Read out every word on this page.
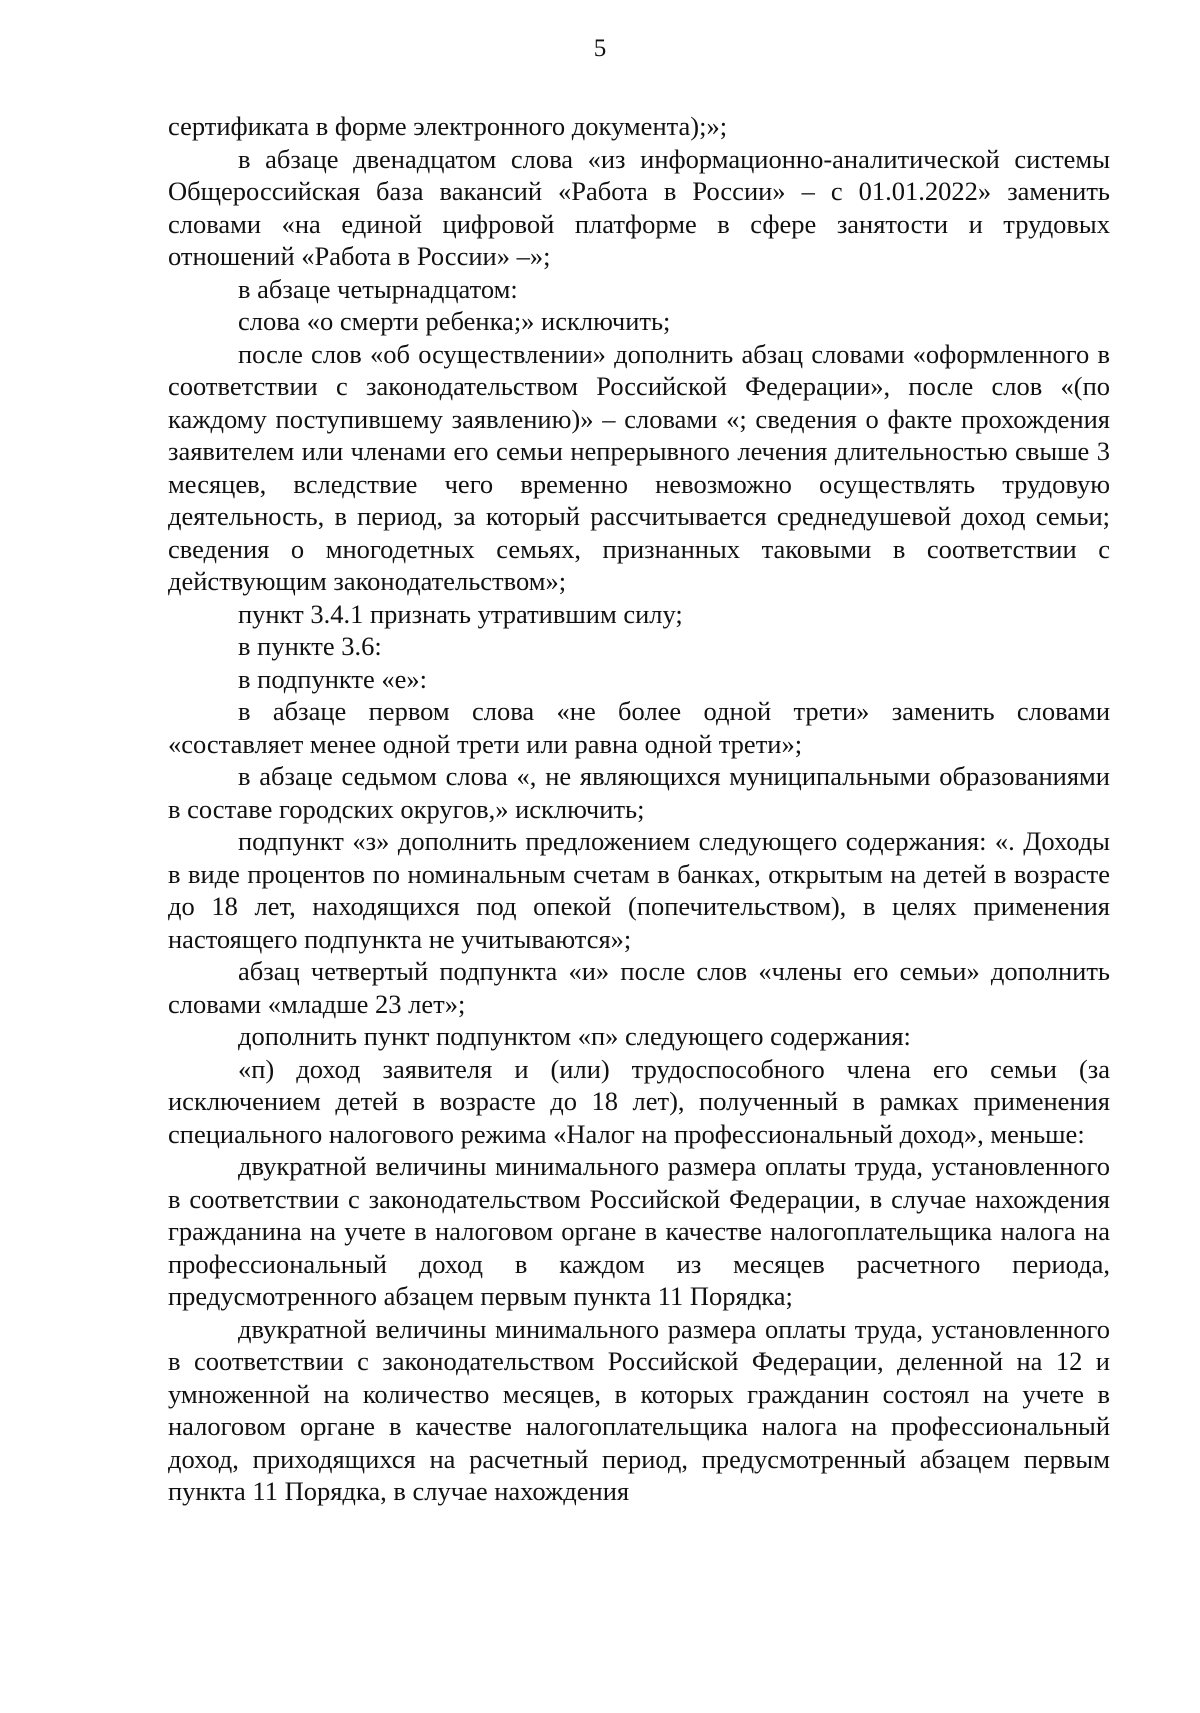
5

сертификата в форме электронного документа);»;

в абзаце двенадцатом слова «из информационно-аналитической системы Общероссийская база вакансий «Работа в России» – с 01.01.2022» заменить словами «на единой цифровой платформе в сфере занятости и трудовых отношений «Работа в России» –»;

в абзаце четырнадцатом:

слова «о смерти ребенка;» исключить;

после слов «об осуществлении» дополнить абзац словами «оформленного в соответствии с законодательством Российской Федерации», после слов «(по каждому поступившему заявлению)» – словами «; сведения о факте прохождения заявителем или членами его семьи непрерывного лечения длительностью свыше 3 месяцев, вследствие чего временно невозможно осуществлять трудовую деятельность, в период, за который рассчитывается среднедушевой доход семьи; сведения о многодетных семьях, признанных таковыми в соответствии с действующим законодательством»;

пункт 3.4.1 признать утратившим силу;

в пункте 3.6:

в подпункте «е»:

в абзаце первом слова «не более одной трети» заменить словами «составляет менее одной трети или равна одной трети»;

в абзаце седьмом слова «, не являющихся муниципальными образованиями в составе городских округов,» исключить;

подпункт «з» дополнить предложением следующего содержания: «. Доходы в виде процентов по номинальным счетам в банках, открытым на детей в возрасте до 18 лет, находящихся под опекой (попечительством), в целях применения настоящего подпункта не учитываются»;

абзац четвертый подпункта «и» после слов «члены его семьи» дополнить словами «младше 23 лет»;

дополнить пункт подпунктом «п» следующего содержания:

«п) доход заявителя и (или) трудоспособного члена его семьи (за исключением детей в возрасте до 18 лет), полученный в рамках применения специального налогового режима «Налог на профессиональный доход», меньше:

двукратной величины минимального размера оплаты труда, установленного в соответствии с законодательством Российской Федерации, в случае нахождения гражданина на учете в налоговом органе в качестве налогоплательщика налога на профессиональный доход в каждом из месяцев расчетного периода, предусмотренного абзацем первым пункта 11 Порядка;

двукратной величины минимального размера оплаты труда, установленного в соответствии с законодательством Российской Федерации, деленной на 12 и умноженной на количество месяцев, в которых гражданин состоял на учете в налоговом органе в качестве налогоплательщика налога на профессиональный доход, приходящихся на расчетный период, предусмотренный абзацем первым пункта 11 Порядка, в случае нахождения
